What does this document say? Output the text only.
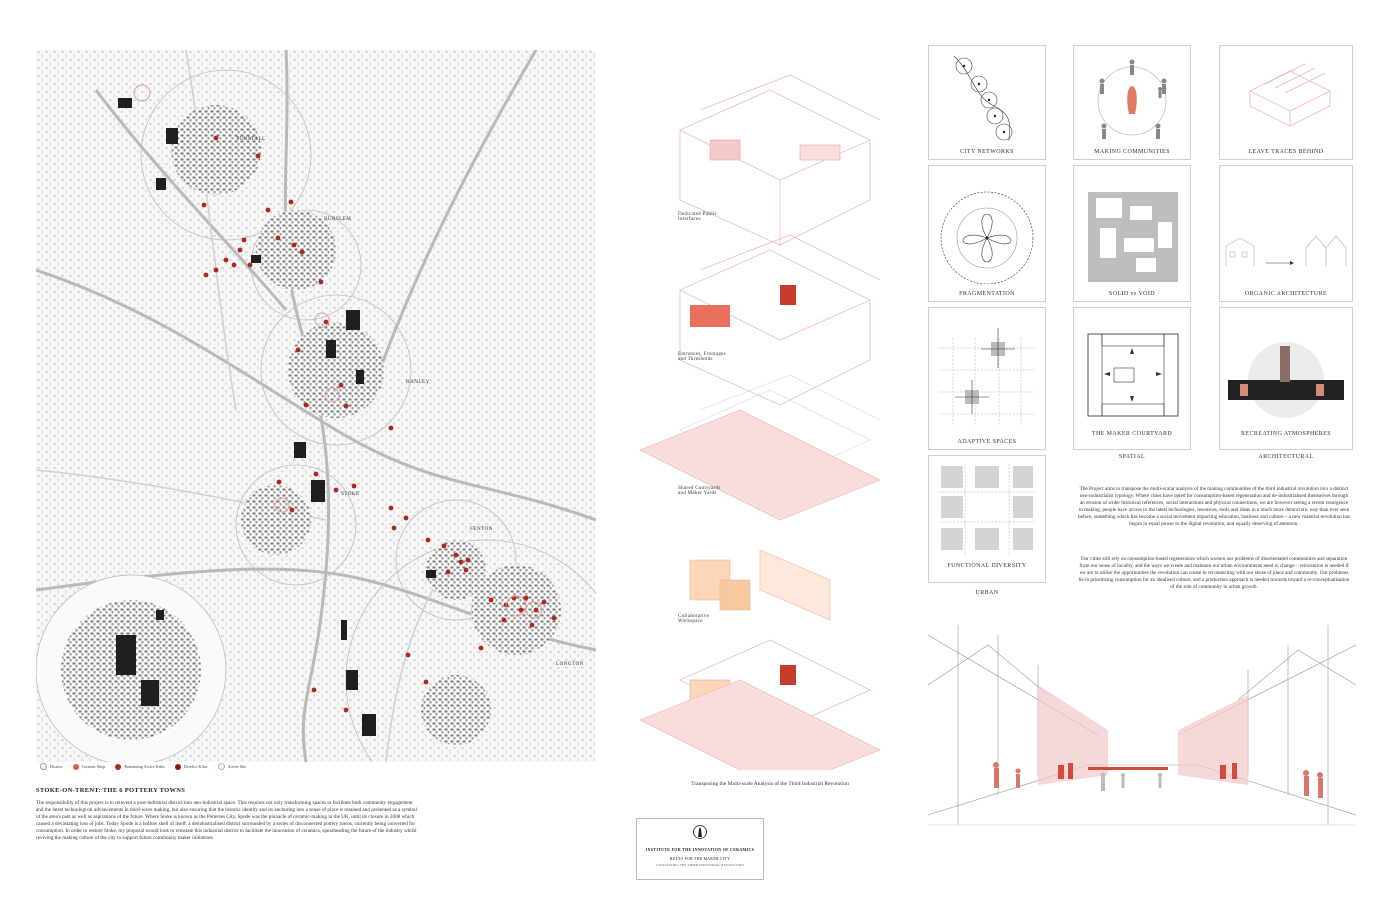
TUNSTALL
BURSLEM
HANLEY
STOKE
FENTON
LONGTON
District	Ceramic Shop	Remaining Active Kilns	Derelict Kilns	Active Site
STOKE-ON-TRENT: THE 6 POTTERY TOWNS
The responsibility of this project is to reinvent a post-industrial district into neo-industrial space. This requires not only transforming spaces to facilitate both community engagement and the latest technological advancements in third-wave making, but also ensuring that the historic identity and its anchoring into a sense of place is retained and presented as a symbol of the area's past as well as aspirations of the future. Where Stoke is known as the Potteries City, Spode was the pinnacle of ceramic-making in the UK, until its closure in 2008 which caused a devastating loss of jobs. Today Spode is a hollow shell of itself, a deindustrialised district surrounded by a series of disconnected pottery towns, currently being converted for consumption. In order to restore Stoke, my proposal would look to reinstate this industrial district to facilitate the innovation of ceramics, spearheading the future of the industry whilst reviving the making culture of the city to support future community maker initiatives.
Dedicated Public Interfaces
Entrances, Frontages and Thresholds
Shared Courtyards and Maker Yards
Collaborative Workspace
Transposing the Multi-scale Analysis of the Third Industrial Revolution
INSTITUTE FOR THE INNOVATION OF CERAMICS
RULES FOR THE MAKER CITY
CULTIVATING THE THIRD INDUSTRIAL REVOLUTION
CITY NETWORKS	MAKING COMMUNITIES	LEAVE TRACES BEHIND
FRAGMENTATION	SOLID vs VOID	ORGANIC ARCHITECTURE
ADAPTIVE SPACES
THE MAKER COURTYARD	RECREATING ATMOSPHERES
FUNCTIONAL DIVERSITY
URBAN
SPATIAL	ARCHITECTURAL
The Project aims to transpose the multi-scalar analysis of the making communities of the third industrial revolution into a distinct neo-industrialist typology. Where cities have opted for consumption-based regeneration and de-industrialised themselves through an erosion of wider historical references, social interactions and physical connections, we are however seeing a recent resurgence in making; people have access to the latest technologies, resources, tools and ideas in a much more democratic way than ever seen before, something which has become a social movement impacting education, business and culture – a new material revolution has begun in equal power to the digital revolution, and equally deserving of attention.
Our cities still rely on consumption-based regeneration which worsen our problems of disorientated communities and separation from our sense of locality, and the ways we create and maintain our urban environments need to change – reinvention is needed if we are to utilise the opportunities the revolution can create in reconnecting with our sense of place and community. Our problems lie in prioritising consumption for an idealised culture, and a production approach is needed towards toward a re-conceptualisation of the role of community in urban growth.
